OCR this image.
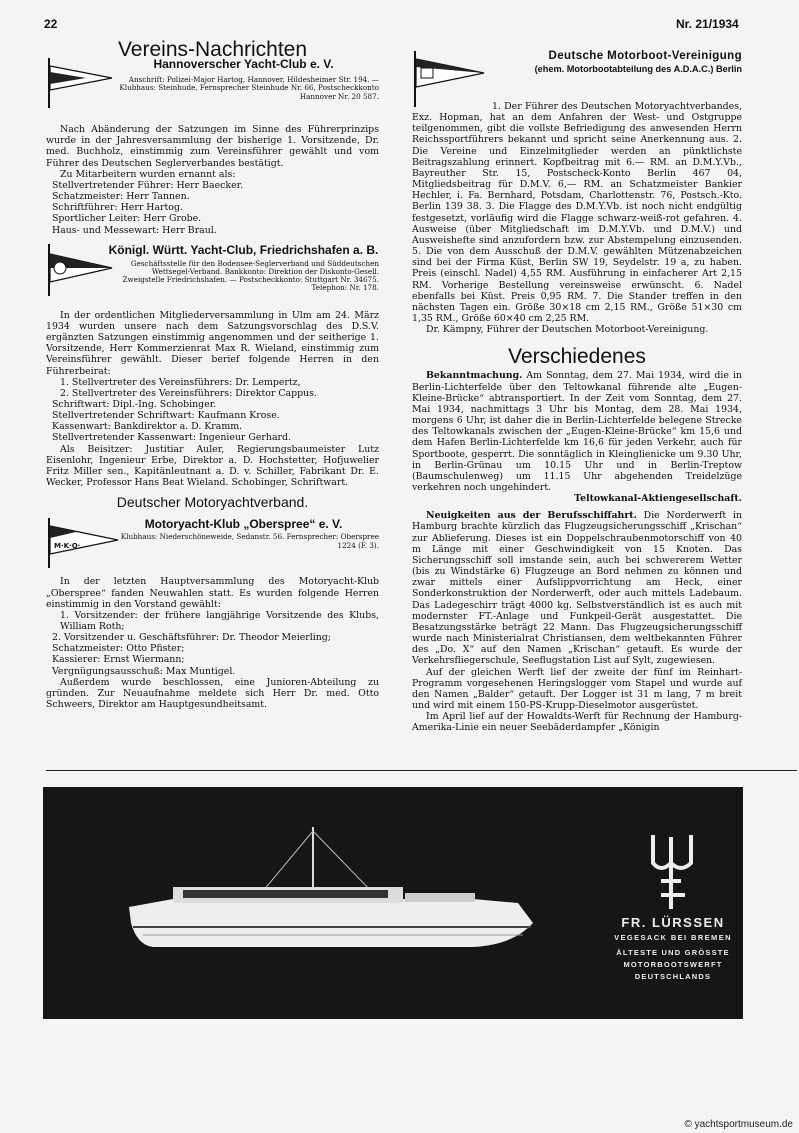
22	Nr. 21/1934
Vereins-Nachrichten
Hannoverscher Yacht-Club e. V.
Anschrift: Polizei-Major Hartog, Hannover, Hildesheimer Str. 194. — Klubhaus: Steinhude, Fernsprecher Steinhude Nr. 66, Postscheckkonto Hannover Nr. 20 587.

Nach Abänderung der Satzungen im Sinne des Führerprinzips wurde in der Jahresversammlung der bisherige 1. Vorsitzende, Dr. med. Buchholz, einstimmig zum Vereinsführer gewählt und vom Führer des Deutschen Seglerverbandes bestätigt.

Zu Mitarbeitern wurden ernannt als:

Stellvertretender Führer: Herr Baecker.

Schatzmeister: Herr Tannen.

Schriftführer: Herr Hartog.

Sportlicher Leiter: Herr Grobe.

Haus- und Messewart: Herr Braul.

Königl. Württ. Yacht-Club, Friedrichshafen a. B.
Geschäftsstelle für den Bodensee-Seglerverband und Süddeutschen Wettsegel-Verband. Bankkonto: Direktion der Diskonto-Gesell. Zweigstelle Friedrichshafen. — Postscheckkonto: Stuttgart Nr. 34675. Telephon: Nr. 178.

In der ordentlichen Mitgliederversammlung in Ulm am 24. März 1934 wurden unsere nach dem Satzungsvorschlag des D.S.V. ergänzten Satzungen einstimmig angenommen und der seitherige 1. Vorsitzende, Herr Kommerzienrat Max R. Wieland, einstimmig zum Vereinsführer gewählt. Dieser berief folgende Herren in den Führerbeirat:

1. Stellvertreter des Vereinsführers: Dr. Lempertz,

2. Stellvertreter des Vereinsführers: Direktor Cappus.

Schriftwart: Dipl.-Ing. Schobinger.

Stellvertretender Schriftwart: Kaufmann Krose.

Kassenwart: Bankdirektor a. D. Kramm.

Stellvertretender Kassenwart: Ingenieur Gerhard.

Als Beisitzer: Justitiar Auler, Regierungsbaumeister Lutz Eisenlohr, Ingenieur Erbe, Direktor a. D. Hochstetter, Hofjuwelier Fritz Miller sen., Kapitänleutnant a. D. v. Schiller, Fabrikant Dr. E. Wecker, Professor Hans Beat Wieland. Schobinger, Schriftwart.

Deutscher Motoryachtverband.
M·K·O·
Motoryacht-Klub „Oberspree“ e. V.
Klubhaus: Niederschöneweide, Sedanstr. 56. Fernsprecher: Oberspree 1224 (F. 3).

In der letzten Hauptversammlung des Motoryacht-Klub „Oberspree“ fanden Neuwahlen statt. Es wurden folgende Herren einstimmig in den Vorstand gewählt:

1. Vorsitzender: der frühere langjährige Vorsitzende des Klubs, William Roth;

2. Vorsitzender u. Geschäftsführer: Dr. Theodor Meierling;

Schatzmeister: Otto Pfister;

Kassierer: Ernst Wiermann;

Vergnügungsausschuß: Max Muntigel.

Außerdem wurde beschlossen, eine Junioren-Abteilung zu gründen. Zur Neuaufnahme meldete sich Herr Dr. med. Otto Schweers, Direktor am Hauptgesundheitsamt.

Deutsche Motorboot-Vereinigung
(ehem. Motorbootabteilung des A.D.A.C.) Berlin

1. Der Führer des Deutschen Motoryachtverbandes, Exz. Hopman, hat an dem Anfahren der West- und Ostgruppe teilgenommen, gibt die vollste Befriedigung des anwesenden Herrn Reichssportführers bekannt und spricht seine Anerkennung aus. 2. Die Vereine und Einzelmitglieder werden an pünktlichste Beitragszahlung erinnert. Kopfbeitrag mit 6.— RM. an D.M.Y.Vb., Bayreuther Str. 15, Postscheck-Konto Berlin 467 04, Mitgliedsbeitrag für D.M.V. 6,— RM. an Schatzmeister Bankier Hechler, i. Fa. Bernhard, Potsdam, Charlottenstr. 76, Postsch.-Kto. Berlin 139 38. 3. Die Flagge des D.M.Y.Vb. ist noch nicht endgültig festgesetzt, vorläufig wird die Flagge schwarz-weiß-rot gefahren. 4. Ausweise (über Mitgliedschaft im D.M.Y.Vb. und D.M.V.) und Ausweishefte sind anzufordern bzw. zur Abstempelung einzusenden. 5. Die von dem Ausschuß der D.M.V. gewählten Mützenabzeichen sind bei der Firma Küst, Berlin SW 19, Seydelstr. 19 a, zu haben. Preis (einschl. Nadel) 4,55 RM. Ausführung in einfacherer Art 2,15 RM. Vorherige Bestellung vereinsweise erwünscht. 6. Nadel ebenfalls bei Küst. Preis 0,95 RM. 7. Die Stander treffen in den nächsten Tagen ein. Größe 30×18 cm 2,15 RM., Größe 51×30 cm 1,35 RM., Größe 60×40 cm 2,25 RM.

Dr. Kämpny, Führer der Deutschen Motorboot-Vereinigung.

Verschiedenes

Bekanntmachung. Am Sonntag, dem 27. Mai 1934, wird die in Berlin-Lichterfelde über den Teltowkanal führende alte „Eugen-Kleine-Brücke“ abtransportiert. In der Zeit vom Sonntag, dem 27. Mai 1934, nachmittags 3 Uhr bis Montag, dem 28. Mai 1934, morgens 6 Uhr, ist daher die in Berlin-Lichterfelde belegene Strecke des Teltowkanals zwischen der „Eugen-Kleine-Brücke“ km 15,6 und dem Hafen Berlin-Lichterfelde km 16,6 für jeden Verkehr, auch für Sportboote, gesperrt. Die sonntäglich in Kleinglienicke um 9.30 Uhr, in Berlin-Grünau um 10.15 Uhr und in Berlin-Treptow (Baumschulenweg) um 11.15 Uhr abgehenden Treidelzüge verkehren noch ungehindert.

Teltowkanal-Aktiengesellschaft.

Neuigkeiten aus der Berufsschiffahrt. Die Norderwerft in Hamburg brachte kürzlich das Flugzeugsicherungsschiff „Krischan“ zur Ablieferung. Dieses ist ein Doppelschraubenmotorschiff von 40 m Länge mit einer Geschwindigkeit von 15 Knoten. Das Sicherungsschiff soll imstande sein, auch bei schwererem Wetter (bis zu Windstärke 6) Flugzeuge an Bord nehmen zu können und zwar mittels einer Aufslippvorrichtung am Heck, einer Sonderkonstruktion der Norderwerft, oder auch mittels Ladebaum. Das Ladegeschirr trägt 4000 kg. Selbstverständlich ist es auch mit modernster FT.-Anlage und Funkpeil-Gerät ausgestattet. Die Besatzungsstärke beträgt 22 Mann. Das Flugzeugsicherungsschiff wurde nach Ministerialrat Christiansen, dem weltbekannten Führer des „Do. X“ auf den Namen „Krischan“ getauft. Es wurde der Verkehrsfliegerschule, Seeflugstation List auf Sylt, zugewiesen.

Auf der gleichen Werft lief der zweite der fünf im Reinhart-Programm vorgesehenen Heringslogger vom Stapel und wurde auf den Namen „Balder“ getauft. Der Logger ist 31 m lang, 7 m breit und wird mit einem 150-PS-Krupp-Dieselmotor ausgerüstet.

Im April lief auf der Howaldts-Werft für Rechnung der Hamburg-Amerika-Linie ein neuer Seebäderdampfer „Königin

FR. LÜRSSEN
VEGESACK BEI BREMEN
ÄLTESTE UND GRÖSSTE
MOTORBOOTSWERFT
DEUTSCHLANDS
© yachtsportmuseum.de
